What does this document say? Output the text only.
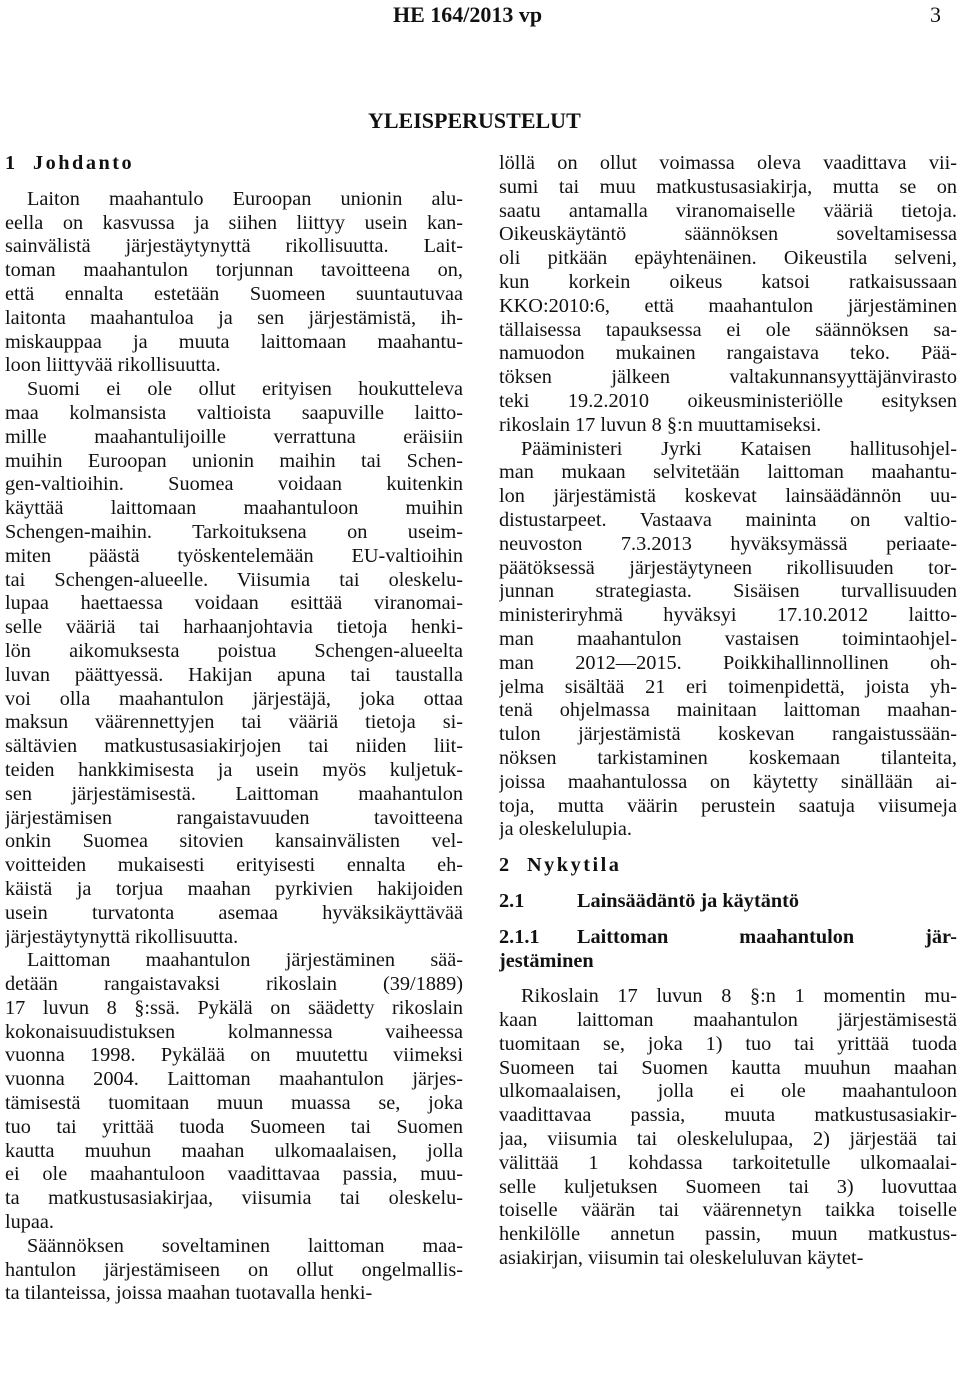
HE 164/2013 vp	3
YLEISPERUSTELUT
1 Johdanto
Laiton maahantulo Euroopan unionin alu-
eella on kasvussa ja siihen liittyy usein kan-
sainvälistä järjestäytynyttä rikollisuutta. Lait-
toman maahantulon torjunnan tavoitteena on,
että ennalta estetään Suomeen suuntautuvaa
laitonta maahantuloa ja sen järjestämistä, ih-
miskauppaa ja muuta laittomaan maahantu-
loon liittyvää rikollisuutta.
Suomi ei ole ollut erityisen houkutteleva
maa kolmansista valtioista saapuville laitto-
mille maahantulijoille verrattuna eräisiin
muihin Euroopan unionin maihin tai Schen-
gen-valtioihin. Suomea voidaan kuitenkin
käyttää laittomaan maahantuloon muihin
Schengen-maihin. Tarkoituksena on useim-
miten päästä työskentelemään EU-valtioihin
tai Schengen-alueelle. Viisumia tai oleskelu-
lupaa haettaessa voidaan esittää viranomai-
selle vääriä tai harhaanjohtavia tietoja henki-
lön aikomuksesta poistua Schengen-alueelta
luvan päättyessä. Hakijan apuna tai taustalla
voi olla maahantulon järjestäjä, joka ottaa
maksun väärennettyjen tai vääriä tietoja si-
sältävien matkustusasiakirjojen tai niiden liit-
teiden hankkimisesta ja usein myös kuljetuk-
sen järjestämisestä. Laittoman maahantulon
järjestämisen rangaistavuuden tavoitteena
onkin Suomea sitovien kansainvälisten vel-
voitteiden mukaisesti erityisesti ennalta eh-
käistä ja torjua maahan pyrkivien hakijoiden
usein turvatonta asemaa hyväksikäyttävää
järjestäytynyttä rikollisuutta.
Laittoman maahantulon järjestäminen sää-
detään rangaistavaksi rikoslain (39/1889)
17 luvun 8 §:ssä. Pykälä on säädetty rikoslain
kokonaisuudistuksen kolmannessa vaiheessa
vuonna 1998. Pykälää on muutettu viimeksi
vuonna 2004. Laittoman maahantulon järjes-
tämisestä tuomitaan muun muassa se, joka
tuo tai yrittää tuoda Suomeen tai Suomen
kautta muuhun maahan ulkomaalaisen, jolla
ei ole maahantuloon vaadittavaa passia, muu-
ta matkustusasiakirjaa, viisumia tai oleskelu-
lupaa.
Säännöksen soveltaminen laittoman maa-
hantulon järjestämiseen on ollut ongelmallis-
ta tilanteissa, joissa maahan tuotavalla henki-
löllä on ollut voimassa oleva vaadittava vii-
sumi tai muu matkustusasiakirja, mutta se on
saatu antamalla viranomaiselle vääriä tietoja.
Oikeuskäytäntö säännöksen soveltamisessa
oli pitkään epäyhtenäinen. Oikeustila selveni,
kun korkein oikeus katsoi ratkaisussaan
KKO:2010:6, että maahantulon järjestäminen
tällaisessa tapauksessa ei ole säännöksen sa-
namuodon mukainen rangaistava teko. Pää-
töksen jälkeen valtakunnansyyttäjänvirasto
teki 19.2.2010 oikeusministeriölle esityksen
rikoslain 17 luvun 8 §:n muuttamiseksi.
Pääministeri Jyrki Kataisen hallitusohjel-
man mukaan selvitetään laittoman maahantu-
lon järjestämistä koskevat lainsäädännön uu-
distustarpeet. Vastaava maininta on valtio-
neuvoston 7.3.2013 hyväksymässä periaate-
päätöksessä järjestäytyneen rikollisuuden tor-
junnan strategiasta. Sisäisen turvallisuuden
ministeriryhmä hyväksyi 17.10.2012 laitto-
man maahantulon vastaisen toimintaohjel-
man 2012—2015. Poikkihallinnollinen oh-
jelma sisältää 21 eri toimenpidettä, joista yh-
tenä ohjelmassa mainitaan laittoman maahan-
tulon järjestämistä koskevan rangaistussään-
nöksen tarkistaminen koskemaan tilanteita,
joissa maahantulossa on käytetty sinällään ai-
toja, mutta väärin perustein saatuja viisumeja
ja oleskelulupia.
2 Nykytila
2.1	Lainsäädäntö ja käytäntö
2.1.1 Laittoman maahantulon jär-
jestäminen
Rikoslain 17 luvun 8 §:n 1 momentin mu-
kaan laittoman maahantulon järjestämisestä
tuomitaan se, joka 1) tuo tai yrittää tuoda
Suomeen tai Suomen kautta muuhun maahan
ulkomaalaisen, jolla ei ole maahantuloon
vaadittavaa passia, muuta matkustusasiakir-
jaa, viisumia tai oleskelulupaa, 2) järjestää tai
välittää 1 kohdassa tarkoitetulle ulkomaalai-
selle kuljetuksen Suomeen tai 3) luovuttaa
toiselle väärän tai väärennetyn taikka toiselle
henkilölle annetun passin, muun matkustus-
asiakirjan, viisumin tai oleskeluluvan käytet-
